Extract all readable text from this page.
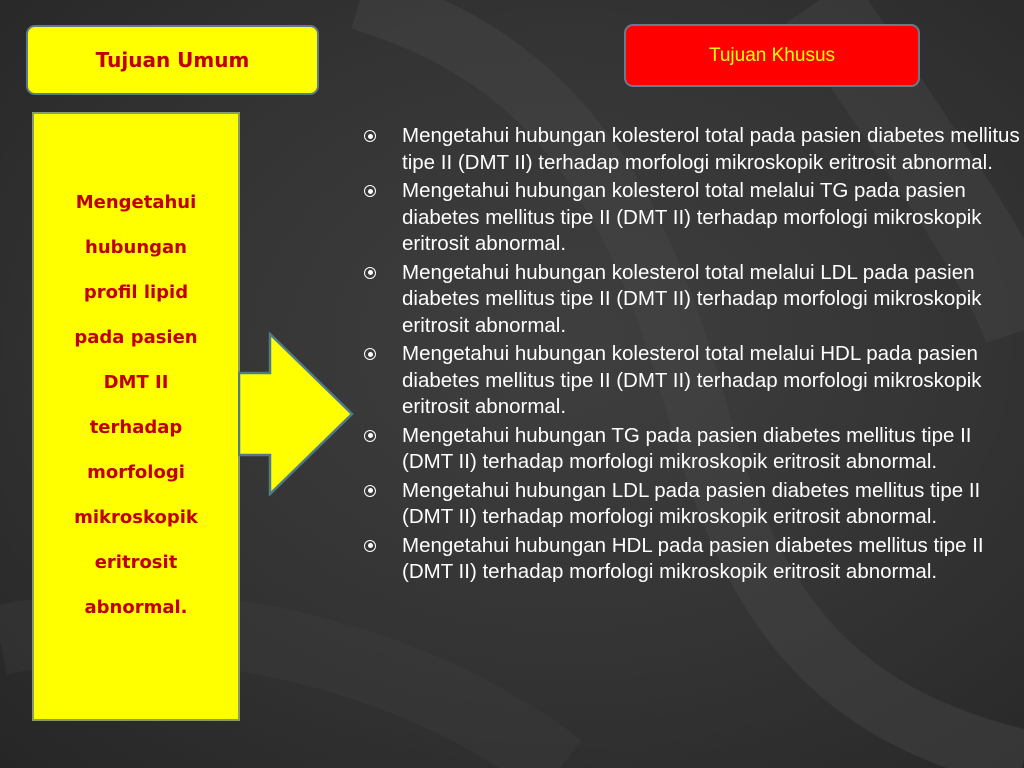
Tujuan Umum	Tujuan Khusus

Mengetahui
hubungan
profil lipid
pada pasien
DMT II
terhadap
morfologi
mikroskopik
eritrosit
abnormal.

Mengetahui hubungan kolesterol total pada pasien diabetes mellitus tipe II (DMT II) terhadap morfologi mikroskopik eritrosit abnormal.
Mengetahui hubungan kolesterol total melalui TG pada pasien diabetes mellitus tipe II (DMT II) terhadap morfologi mikroskopik eritrosit abnormal.
Mengetahui hubungan kolesterol total melalui LDL pada pasien diabetes mellitus tipe II (DMT II) terhadap morfologi mikroskopik eritrosit abnormal.
Mengetahui hubungan kolesterol total melalui HDL pada pasien diabetes mellitus tipe II (DMT II) terhadap morfologi mikroskopik eritrosit abnormal.
Mengetahui hubungan TG pada pasien diabetes mellitus tipe II (DMT II) terhadap morfologi mikroskopik eritrosit abnormal.
Mengetahui hubungan LDL pada pasien diabetes mellitus tipe II (DMT II) terhadap morfologi mikroskopik eritrosit abnormal.
Mengetahui hubungan HDL pada pasien diabetes mellitus tipe II (DMT II) terhadap morfologi mikroskopik eritrosit abnormal.
